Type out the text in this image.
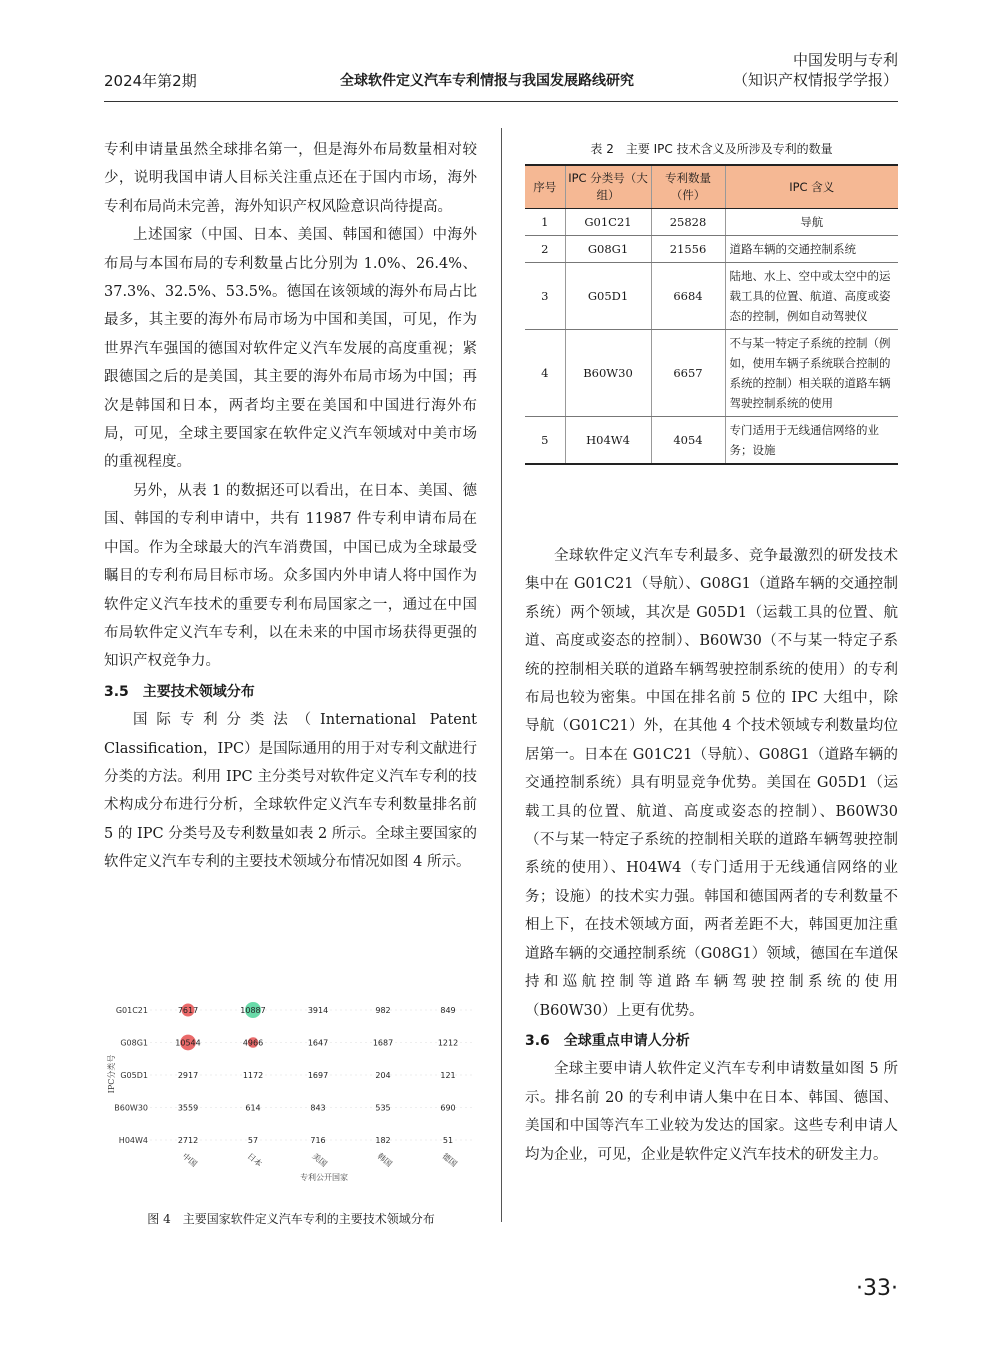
2024年第2期	全球软件定义汽车专利情报与我国发展路线研究
中国发明与专利
（知识产权情报学学报）

专利申请量虽然全球排名第一，但是海外布局数量相对较少，说明我国申请人目标关注重点还在于国内市场，海外专利布局尚未完善，海外知识产权风险意识尚待提高。

上述国家（中国、日本、美国、韩国和德国）中海外布局与本国布局的专利数量占比分别为 1.0%、26.4%、37.3%、32.5%、53.5%。德国在该领域的海外布局占比最多，其主要的海外布局市场为中国和美国，可见，作为世界汽车强国的德国对软件定义汽车发展的高度重视；紧跟德国之后的是美国，其主要的海外布局市场为中国；再次是韩国和日本，两者均主要在美国和中国进行海外布局，可见，全球主要国家在软件定义汽车领域对中美市场的重视程度。

另外，从表 1 的数据还可以看出，在日本、美国、德国、韩国的专利申请中，共有 11987 件专利申请布局在中国。作为全球最大的汽车消费国，中国已成为全球最受瞩目的专利布局目标市场。众多国内外申请人将中国作为软件定义汽车技术的重要专利布局国家之一，通过在中国布局软件定义汽车专利，以在未来的中国市场获得更强的知识产权竞争力。

3.5　主要技术领域分布

国际专利分类法（International Patent Classification，IPC）是国际通用的用于对专利文献进行分类的方法。利用 IPC 主分类号对软件定义汽车专利的技术构成分布进行分析，全球软件定义汽车专利数量排名前 5 的 IPC 分类号及专利数量如表 2 所示。全球主要国家的软件定义汽车专利的主要技术领域分布情况如图 4 所示。

表 2　主要 IPC 技术含义及所涉及专利的数量
序号	IPC 分类号（大组）	专利数量（件）	IPC 含义
1	G01C21	25828	导航
2	G08G1	21556	道路车辆的交通控制系统
3	G05D1	6684	陆地、水上、空中或太空中的运载工具的位置、航道、高度或姿态的控制，例如自动驾驶仪
4	B60W30	6657	不与某一特定子系统的控制（例如，使用车辆子系统联合控制的系统的控制）相关联的道路车辆驾驶控制系统的使用
5	H04W4	4054	专门适用于无线通信网络的业务；设施

全球软件定义汽车专利最多、竞争最激烈的研发技术集中在 G01C21（导航）、G08G1（道路车辆的交通控制系统）两个领域，其次是 G05D1（运载工具的位置、航道、高度或姿态的控制）、B60W30（不与某一特定子系统的控制相关联的道路车辆驾驶控制系统的使用）的专利布局也较为密集。中国在排名前 5 位的 IPC 大组中，除导航（G01C21）外，在其他 4 个技术领域专利数量均位居第一。日本在 G01C21（导航）、G08G1（道路车辆的交通控制系统）具有明显竞争优势。美国在 G05D1（运载工具的位置、航道、高度或姿态的控制）、B60W30（不与某一特定子系统的控制相关联的道路车辆驾驶控制系统的使用）、H04W4（专门适用于无线通信网络的业务；设施）的技术实力强。韩国和德国两者的专利数量不相上下，在技术领域方面，两者差距不大，韩国更加注重道路车辆的交通控制系统（G08G1）领域，德国在车道保持和巡航控制等道路车辆驾驶控制系统的使用（B60W30）上更有优势。

3.6　全球重点申请人分析

全球主要申请人软件定义汽车专利申请数量如图 5 所示。排名前 20 的专利申请人集中在日本、韩国、德国、美国和中国等汽车工业较为发达的国家。这些专利申请人均为企业，可见，企业是软件定义汽车技术的研发主力。

G01C21
G08G1
G05D1
B60W30
H04W4
7617	10887	3914	982	849
10544	4966	1647	1687	1212
2917	1172	1697	204	121
3559	614	843	535	690
2712	57	716	182	51
中国	日本	美国	韩国	德国
专利公开国家
IPC分类号
图 4　主要国家软件定义汽车专利的主要技术领域分布
·33·
